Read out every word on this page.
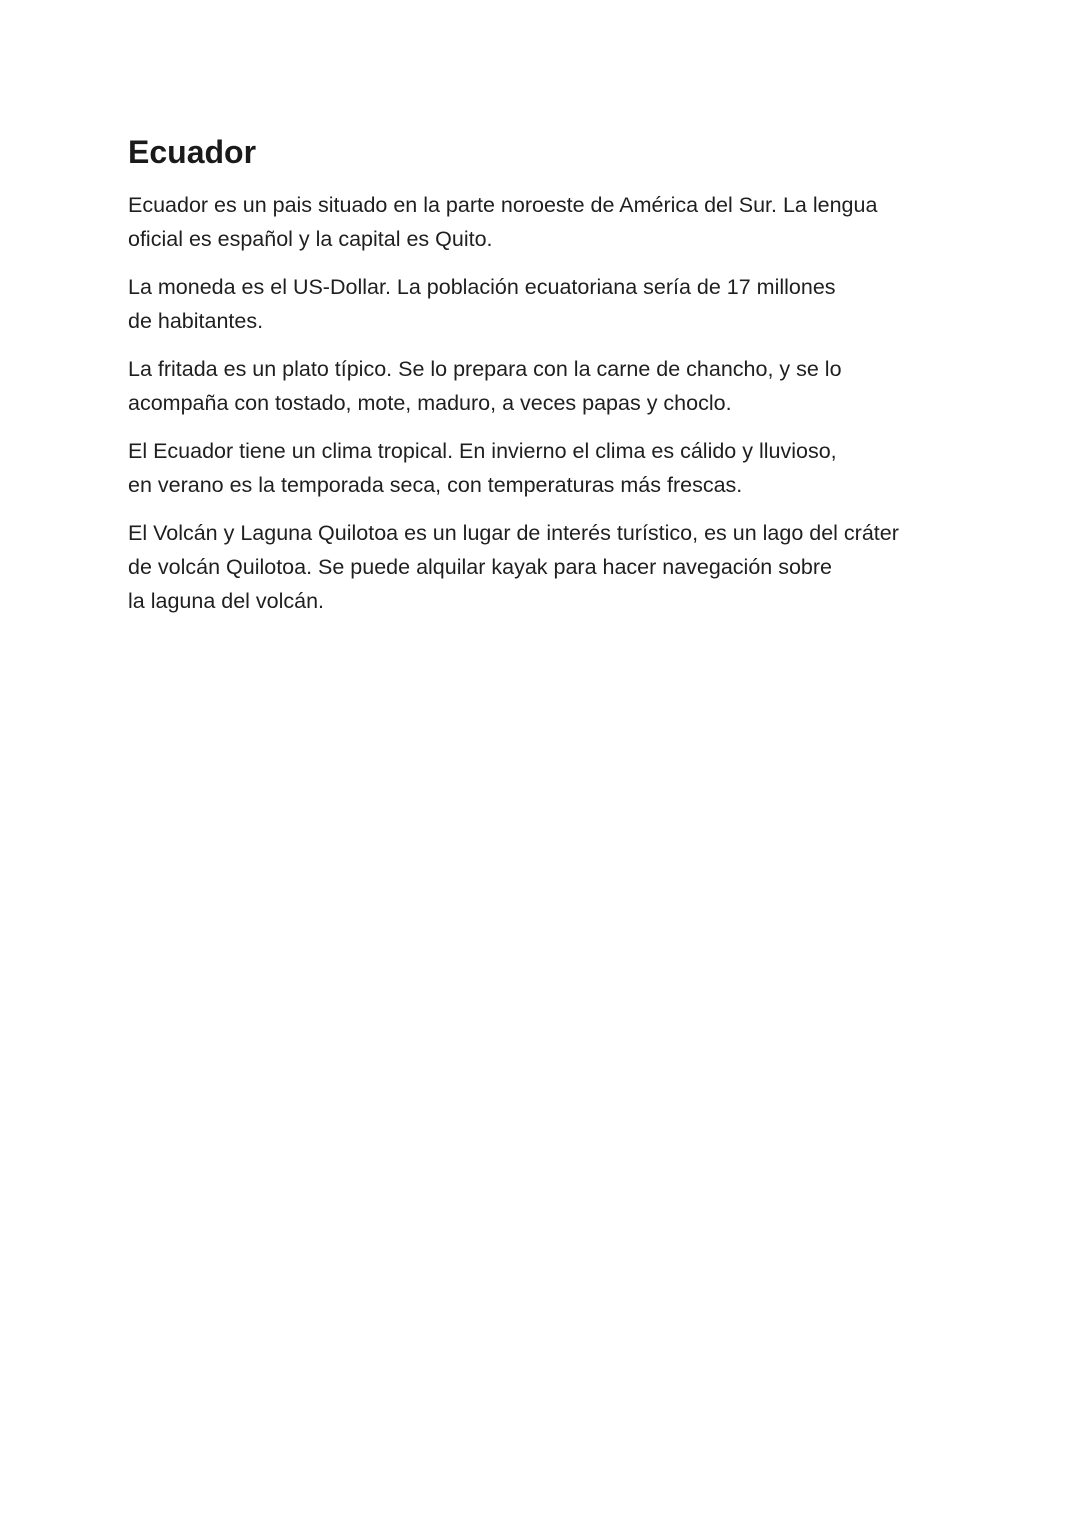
Ecuador

Ecuador es un pais situado en la parte noroeste de América del Sur. La lengua
oficial es español y la capital es Quito.

La moneda es el US-Dollar. La población ecuatoriana sería de 17 millones
de habitantes.

La fritada es un plato típico. Se lo prepara con la carne de chancho, y se lo
acompaña con tostado, mote, maduro, a veces papas y choclo.

El Ecuador tiene un clima tropical. En invierno el clima es cálido y lluvioso,
en verano es la temporada seca, con temperaturas más frescas.

El Volcán y Laguna Quilotoa es un lugar de interés turístico, es un lago del cráter
de volcán Quilotoa. Se puede alquilar kayak para hacer navegación sobre
la laguna del volcán.
